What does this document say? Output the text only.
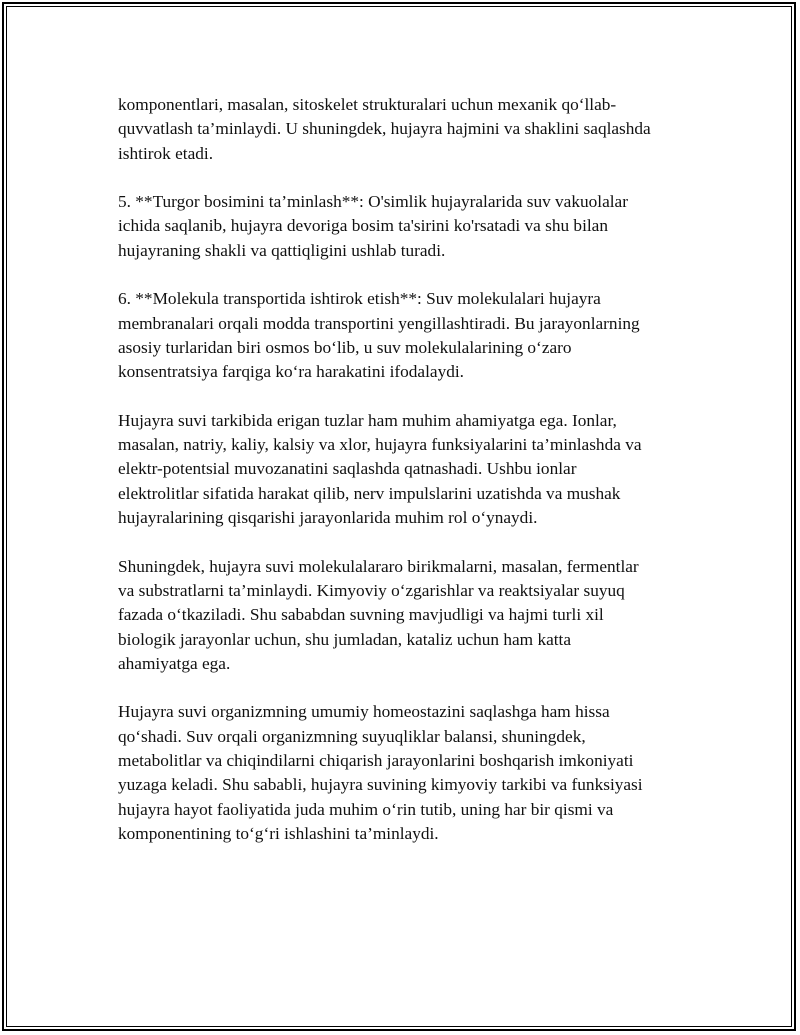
komponentlari, masalan, sitoskelet strukturalari uchun mexanik qo‘llab-
quvvatlash ta’minlaydi. U shuningdek, hujayra hajmini va shaklini saqlashda
ishtirok etadi.

5. **Turgor bosimini ta’minlash**: O'simlik hujayralarida suv vakuolalar
ichida saqlanib, hujayra devoriga bosim ta'sirini ko'rsatadi va shu bilan
hujayraning shakli va qattiqligini ushlab turadi.

6. **Molekula transportida ishtirok etish**: Suv molekulalari hujayra
membranalari orqali modda transportini yengillashtiradi. Bu jarayonlarning
asosiy turlaridan biri osmos bo‘lib, u suv molekulalarining o‘zaro
konsentratsiya farqiga ko‘ra harakatini ifodalaydi.

Hujayra suvi tarkibida erigan tuzlar ham muhim ahamiyatga ega. Ionlar,
masalan, natriy, kaliy, kalsiy va xlor, hujayra funksiyalarini ta’minlashda va
elektr-potentsial muvozanatini saqlashda qatnashadi. Ushbu ionlar
elektrolitlar sifatida harakat qilib, nerv impulslarini uzatishda va mushak
hujayralarining qisqarishi jarayonlarida muhim rol o‘ynaydi.

Shuningdek, hujayra suvi molekulalararo birikmalarni, masalan, fermentlar
va substratlarni ta’minlaydi. Kimyoviy o‘zgarishlar va reaktsiyalar suyuq
fazada o‘tkaziladi. Shu sababdan suvning mavjudligi va hajmi turli xil
biologik jarayonlar uchun, shu jumladan, kataliz uchun ham katta
ahamiyatga ega.

Hujayra suvi organizmning umumiy homeostazini saqlashga ham hissa
qo‘shadi. Suv orqali organizmning suyuqliklar balansi, shuningdek,
metabolitlar va chiqindilarni chiqarish jarayonlarini boshqarish imkoniyati
yuzaga keladi. Shu sababli, hujayra suvining kimyoviy tarkibi va funksiyasi
hujayra hayot faoliyatida juda muhim o‘rin tutib, uning har bir qismi va
komponentining to‘g‘ri ishlashini ta’minlaydi.
